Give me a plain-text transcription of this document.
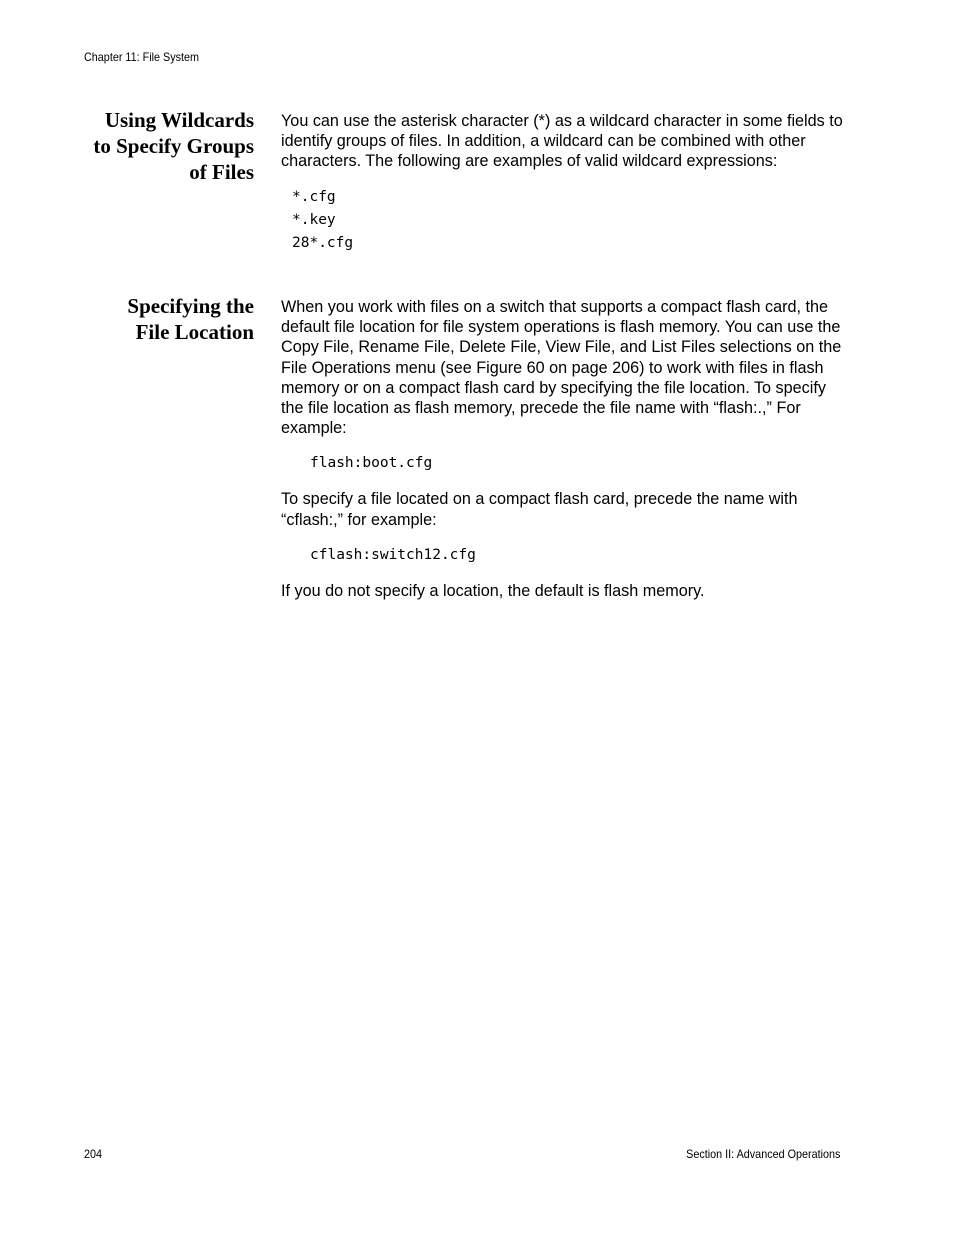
Chapter 11: File System
Using Wildcards
to Specify Groups
of Files

You can use the asterisk character (*) as a wildcard character in some fields to identify groups of files. In addition, a wildcard can be combined with other characters. The following are examples of valid wildcard expressions:

*.cfg
*.key
28*.cfg
Specifying the
File Location

When you work with files on a switch that supports a compact flash card, the default file location for file system operations is flash memory. You can use the Copy File, Rename File, Delete File, View File, and List Files selections on the File Operations menu (see Figure 60 on page 206) to work with files in flash memory or on a compact flash card by specifying the file location. To specify the file location as flash memory, precede the file name with “flash:.,” For example:

flash:boot.cfg

To specify a file located on a compact flash card, precede the name with “cflash:,” for example:

cflash:switch12.cfg

If you do not specify a location, the default is flash memory.

204	Section II: Advanced Operations
